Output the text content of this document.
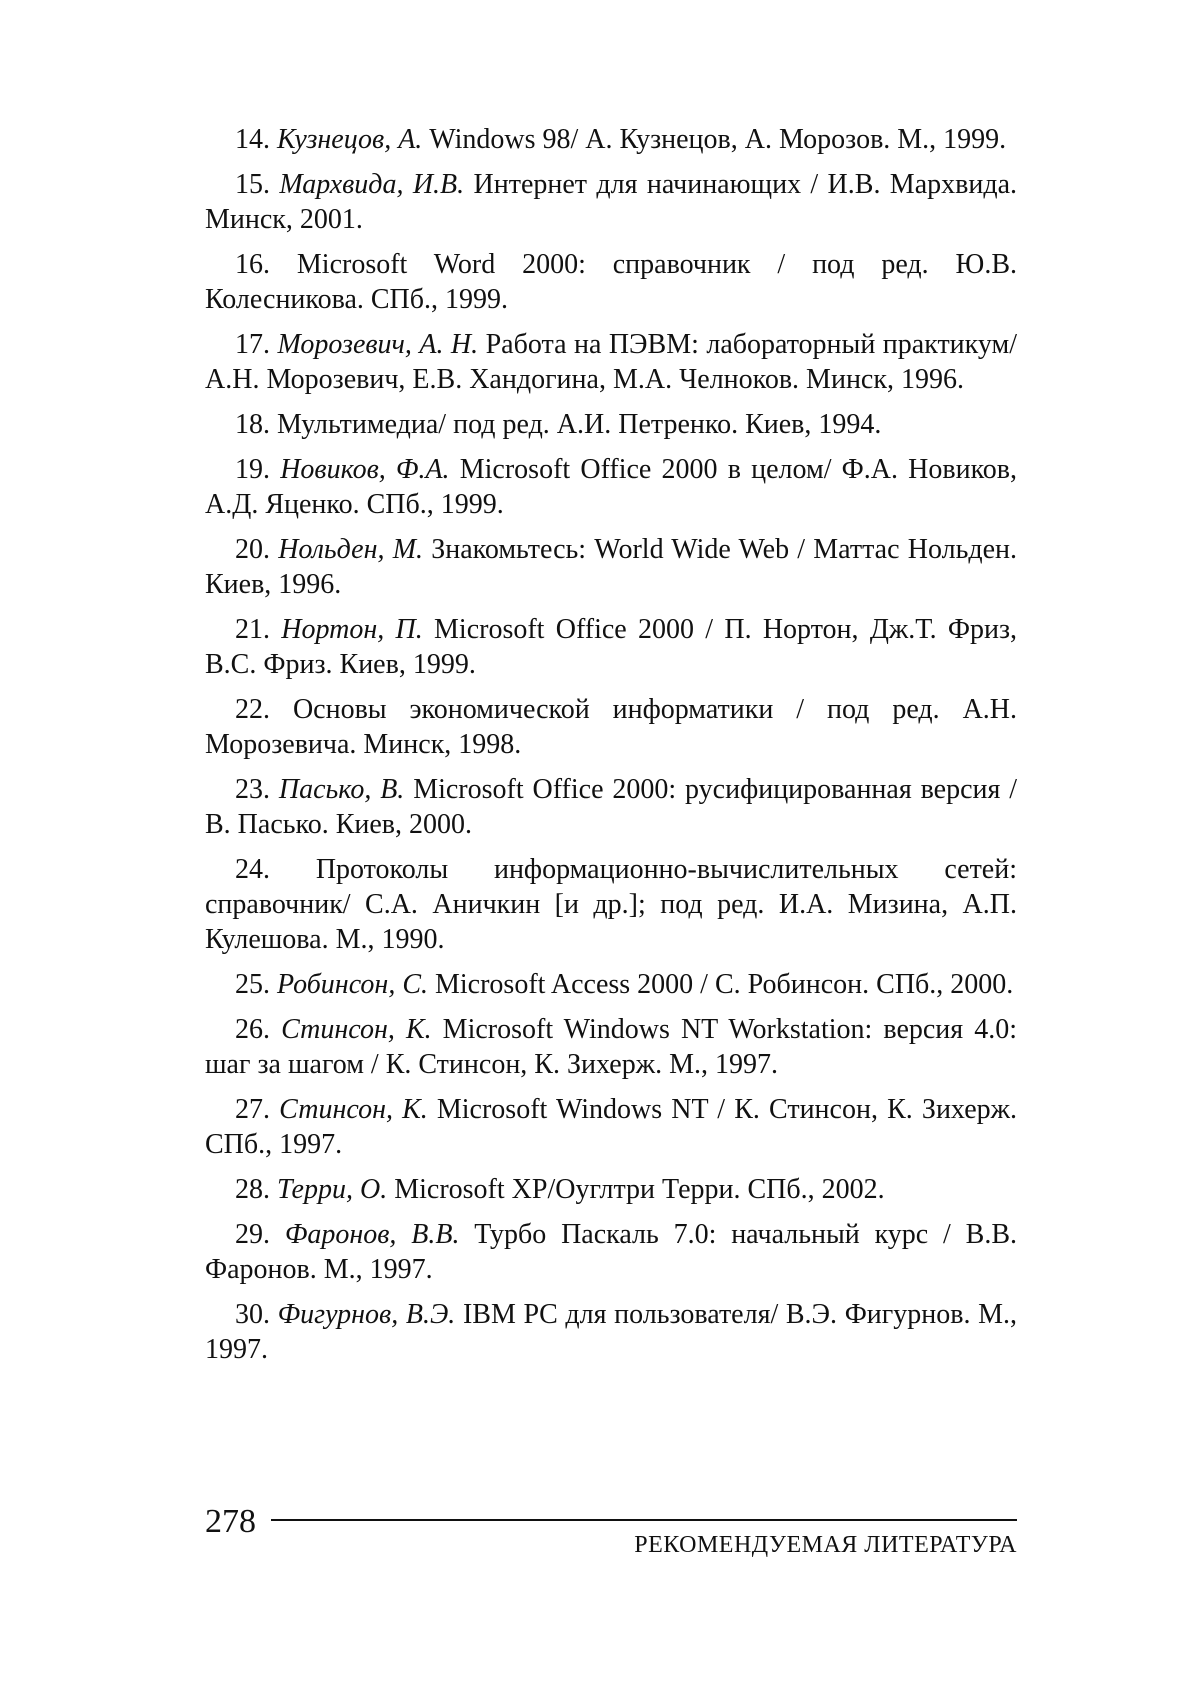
14. Кузнецов, А. Windows 98/ А. Кузнецов, А. Морозов. М., 1999.
15. Мархвида, И.В. Интернет для начинающих / И.В. Мархвида. Минск, 2001.
16. Microsoft Word 2000: справочник / под ред. Ю.В. Колесникова. СПб., 1999.
17. Морозевич, А. Н. Работа на ПЭВМ: лабораторный практикум/ А.Н. Морозевич, Е.В. Хандогина, М.А. Челноков. Минск, 1996.
18. Мультимедиа/ под ред. А.И. Петренко. Киев, 1994.
19. Новиков, Ф.А. Microsoft Office 2000 в целом/ Ф.А. Новиков, А.Д. Яценко. СПб., 1999.
20. Нольден, М. Знакомьтесь: World Wide Web / Маттас Нольден. Киев, 1996.
21. Нортон, П. Microsoft Office 2000 / П. Нортон, Дж.Т. Фриз, В.С. Фриз. Киев, 1999.
22. Основы экономической информатики / под ред. А.Н. Морозевича. Минск, 1998.
23. Пасько, В. Microsoft Office 2000: русифицированная версия / В. Пасько. Киев, 2000.
24. Протоколы информационно-вычислительных сетей: справочник/ С.А. Аничкин [и др.]; под ред. И.А. Мизина, А.П. Кулешова. М., 1990.
25. Робинсон, С. Microsoft Access 2000 / С. Робинсон. СПб., 2000.
26. Стинсон, К. Microsoft Windows NT Workstation: версия 4.0: шаг за шагом / К. Стинсон, К. Зихерж. М., 1997.
27. Стинсон, К. Microsoft Windows NT / К. Стинсон, К. Зихерж. СПб., 1997.
28. Терри, О. Microsoft XP/Оуглтри Терри. СПб., 2002.
29. Фаронов, В.В. Турбо Паскаль 7.0: начальный курс / В.В. Фаронов. М., 1997.
30. Фигурнов, В.Э. IBM PC для пользователя/ В.Э. Фигурнов. М., 1997.
278
РЕКОМЕНДУЕМАЯ ЛИТЕРАТУРА
